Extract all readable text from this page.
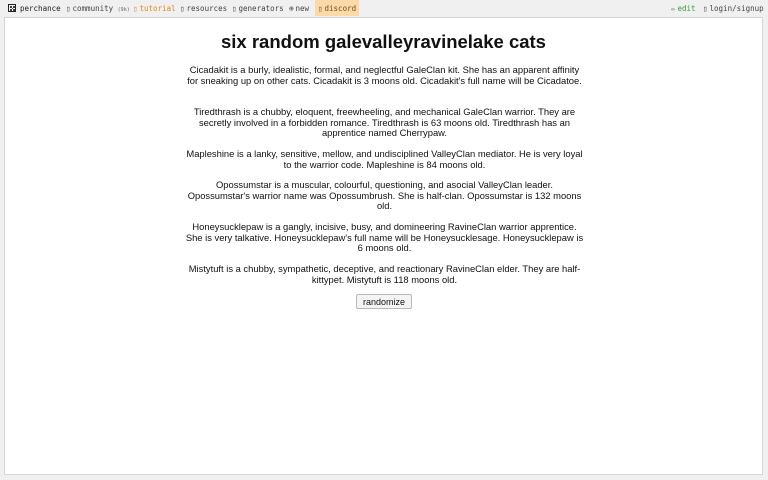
perchance ▯ community (9k) ▯ tutorial ▯ resources ▯ generators ⊕ new	▯ discord	✏ edit ▯ login/signup
six random galevalleyravinelake cats

Cicadakit is a burly, idealistic, formal, and neglectful GaleClan kit. She has an apparent affinity for sneaking up on other cats. Cicadakit is 3 moons old. Cicadakit's full name will be Cicadatoe.

Tiredthrash is a chubby, eloquent, freewheeling, and mechanical GaleClan warrior. They are secretly involved in a forbidden romance. Tiredthrash is 63 moons old. Tiredthrash has an apprentice named Cherrypaw.

Mapleshine is a lanky, sensitive, mellow, and undisciplined ValleyClan mediator. He is very loyal to the warrior code. Mapleshine is 84 moons old.

Opossumstar is a muscular, colourful, questioning, and asocial ValleyClan leader. Opossumstar's warrior name was Opossumbrush. She is half-clan. Opossumstar is 132 moons old.

Honeysucklepaw is a gangly, incisive, busy, and domineering RavineClan warrior apprentice. She is very talkative. Honeysucklepaw's full name will be Honeysucklesage. Honeysucklepaw is 6 moons old.

Mistytuft is a chubby, sympathetic, deceptive, and reactionary RavineClan elder. They are half-kittypet. Mistytuft is 118 moons old.

randomize
